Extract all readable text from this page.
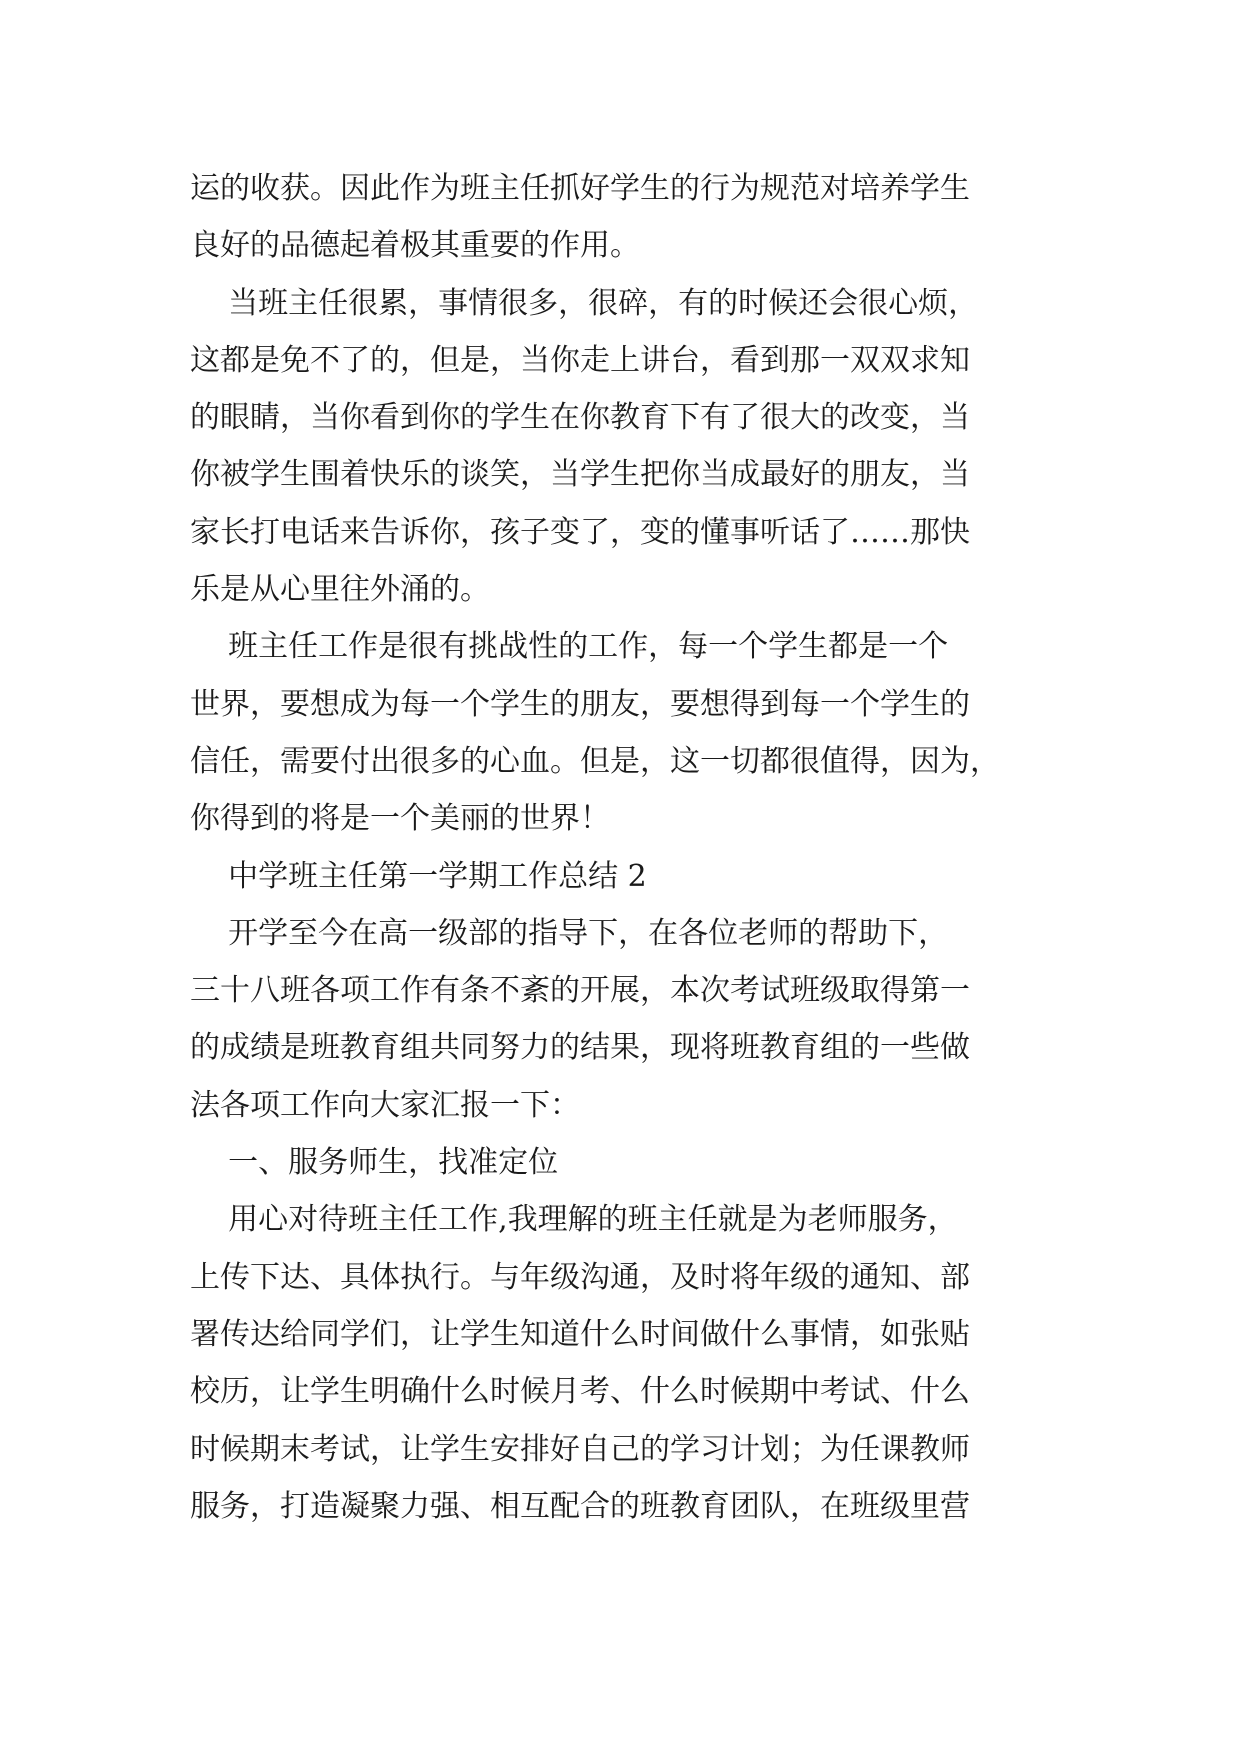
运的收获。因此作为班主任抓好学生的行为规范对培养学生
良好的品德起着极其重要的作用。
当班主任很累，事情很多，很碎，有的时候还会很心烦，
这都是免不了的，但是，当你走上讲台，看到那一双双求知
的眼睛，当你看到你的学生在你教育下有了很大的改变，当
你被学生围着快乐的谈笑，当学生把你当成最好的朋友，当
家长打电话来告诉你，孩子变了，变的懂事听话了……那快
乐是从心里往外涌的。
班主任工作是很有挑战性的工作，每一个学生都是一个
世界，要想成为每一个学生的朋友，要想得到每一个学生的
信任，需要付出很多的心血。但是，这一切都很值得，因为，
你得到的将是一个美丽的世界！
中学班主任第一学期工作总结 2
开学至今在高一级部的指导下，在各位老师的帮助下，
三十八班各项工作有条不紊的开展，本次考试班级取得第一
的成绩是班教育组共同努力的结果，现将班教育组的一些做
法各项工作向大家汇报一下：
一、服务师生，找准定位
用心对待班主任工作,我理解的班主任就是为老师服务，
上传下达、具体执行。与年级沟通，及时将年级的通知、部
署传达给同学们，让学生知道什么时间做什么事情，如张贴
校历，让学生明确什么时候月考、什么时候期中考试、什么
时候期末考试，让学生安排好自己的学习计划；为任课教师
服务，打造凝聚力强、相互配合的班教育团队，在班级里营
